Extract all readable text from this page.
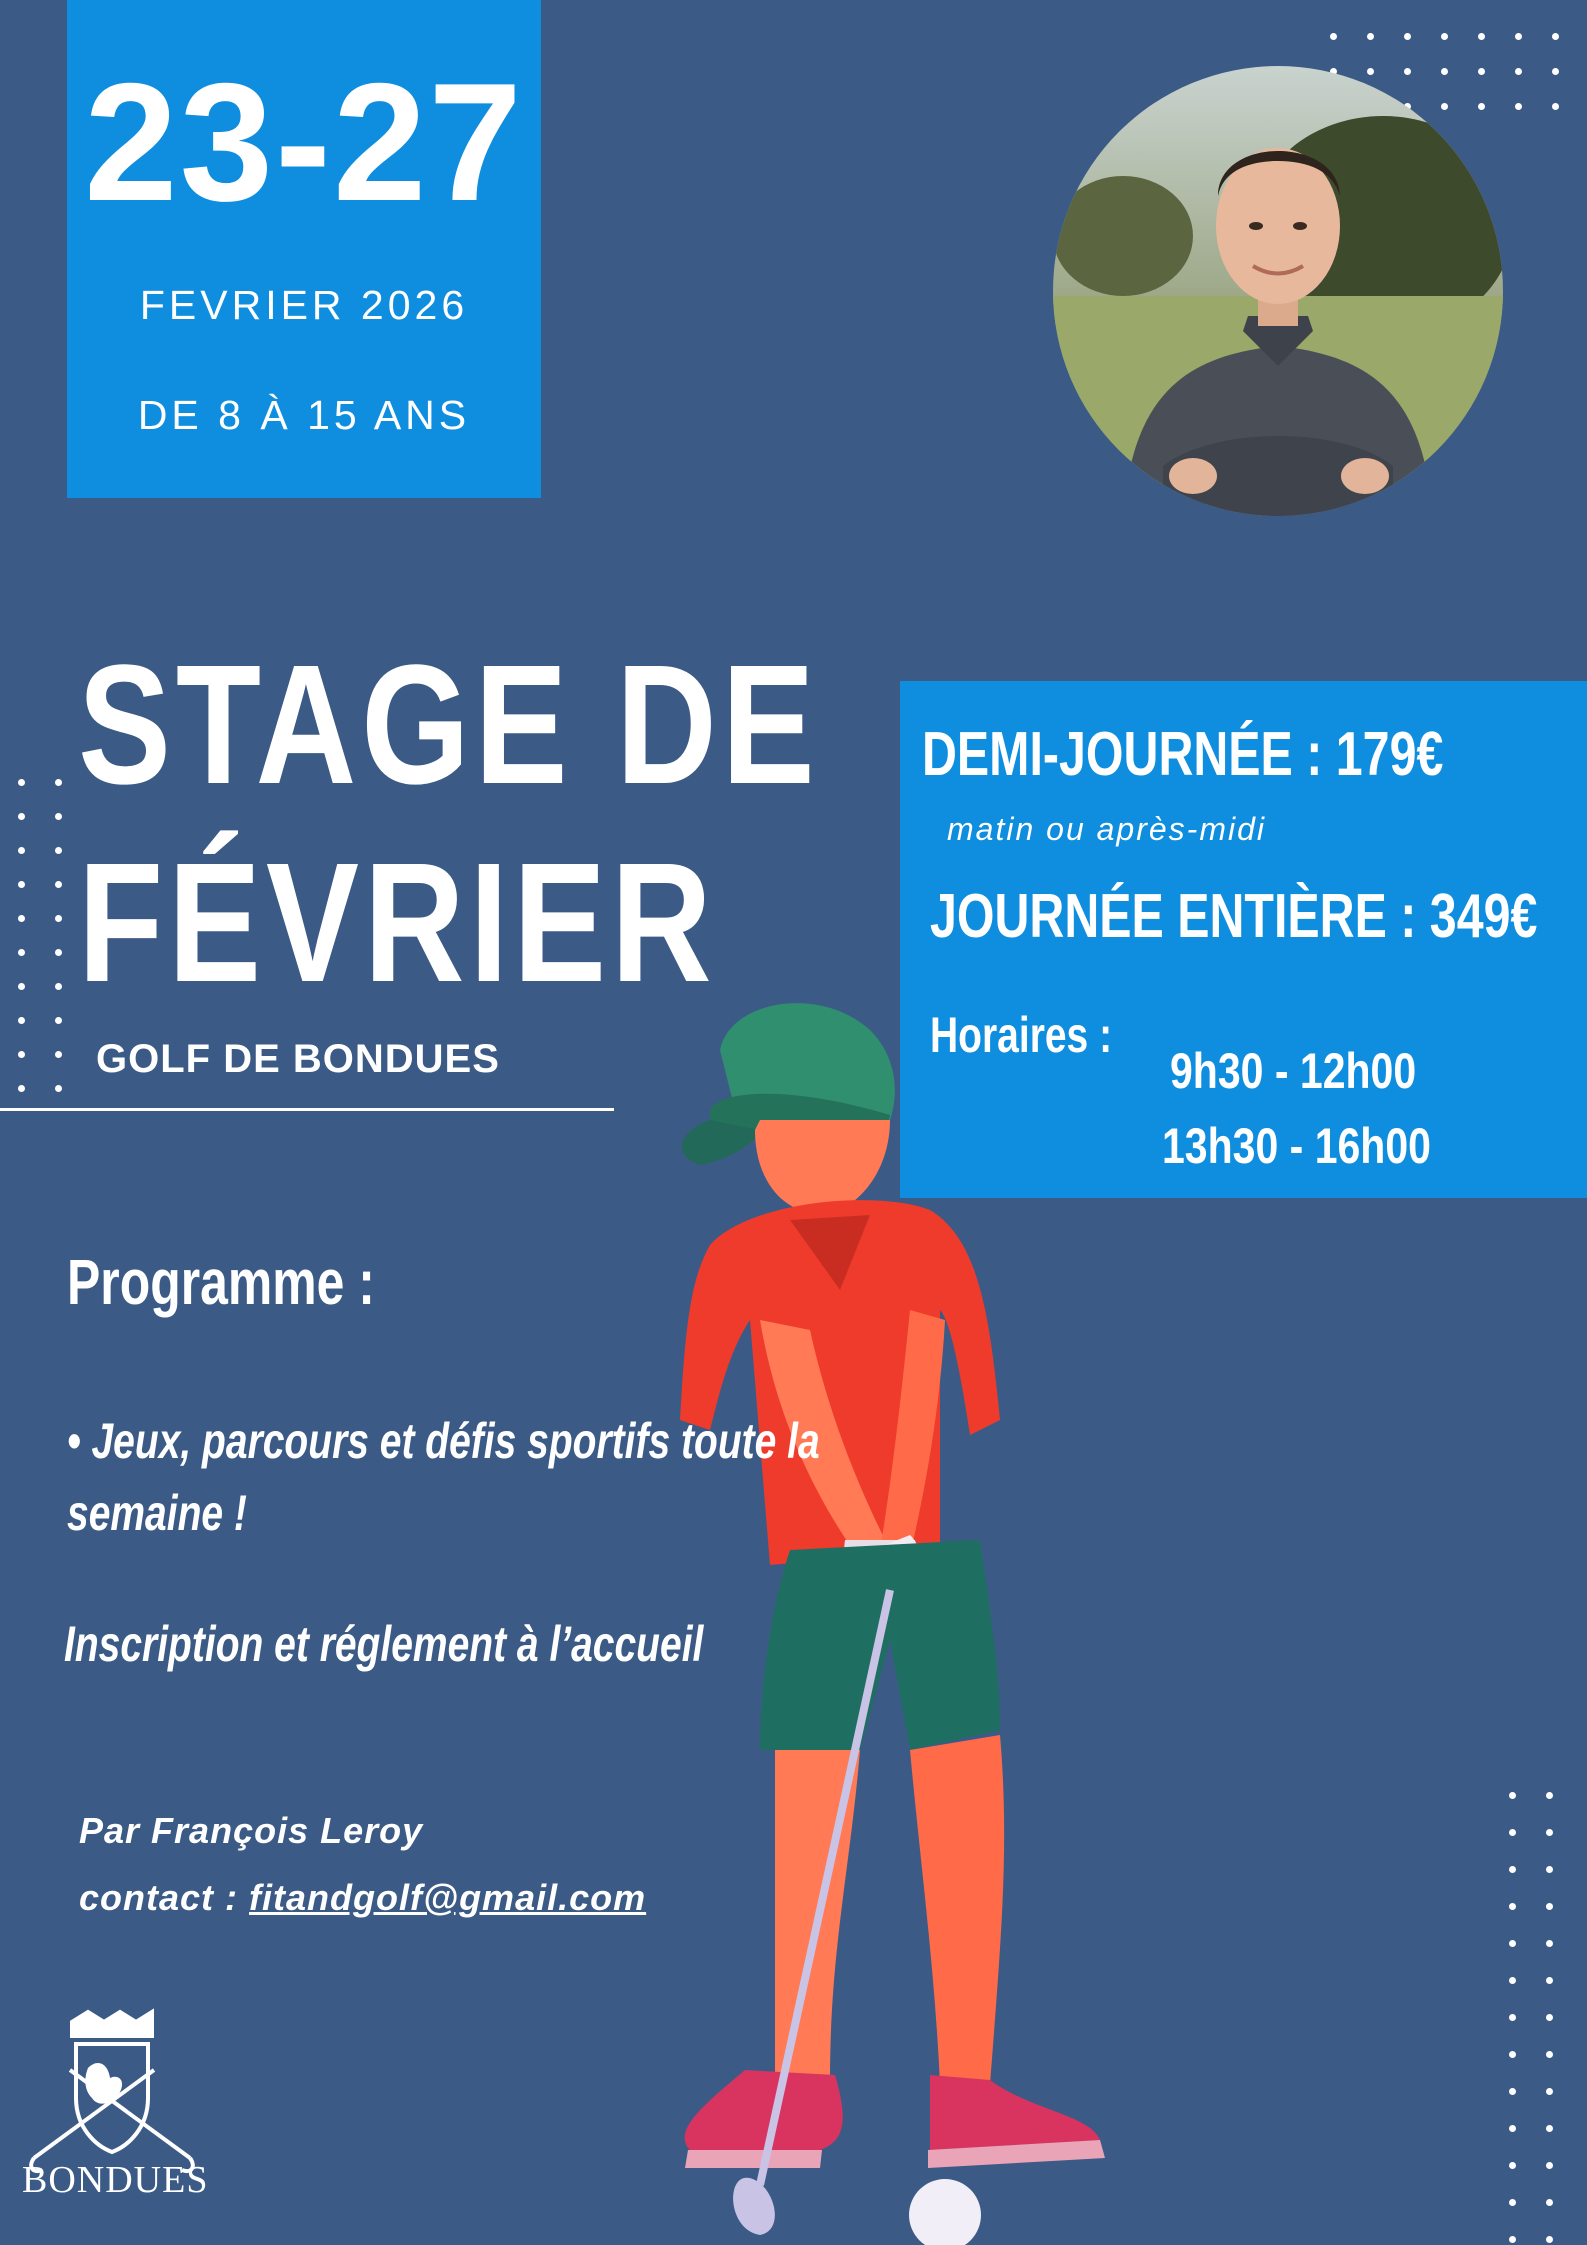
23-27
FEVRIER 2026
DE 8 À 15 ANS
STAGE DE
FÉVRIER
GOLF DE BONDUES
DEMI-JOURNÉE : 179€
matin ou après-midi
JOURNÉE ENTIÈRE : 349€
Horaires :
9h30 - 12h00
13h30 - 16h00
Programme :
• Jeux, parcours et défis sportifs toute la semaine !
Inscription et réglement à l’accueil
Par François Leroy
contact : fitandgolf@gmail.com
BONDUES
